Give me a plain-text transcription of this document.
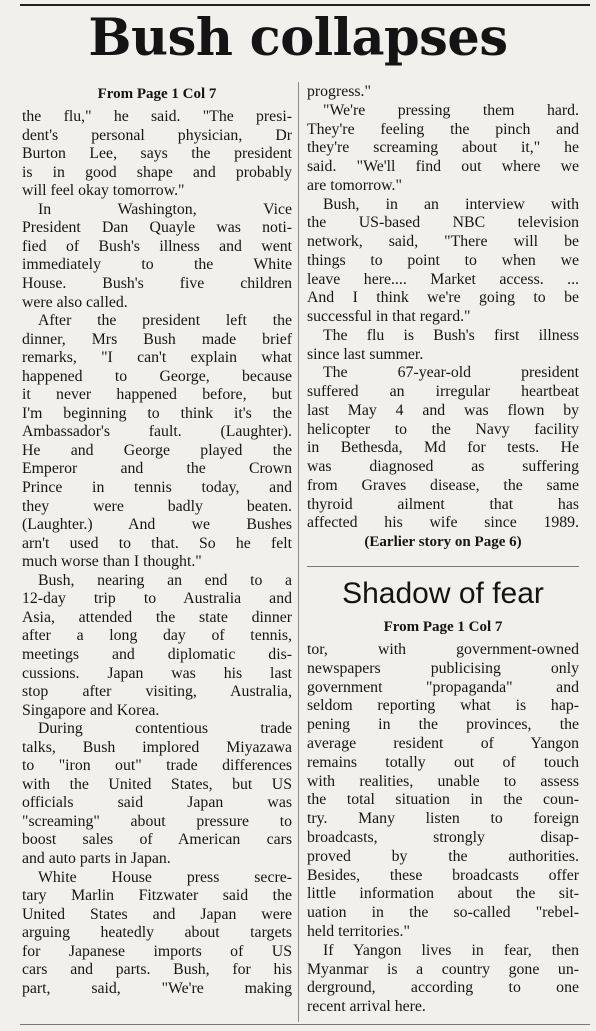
Bush collapses
From Page 1 Col 7
the flu," he said. "The presi-
dent's personal physician, Dr
Burton Lee, says the president
is in good shape and probably
will feel okay tomorrow."
In Washington, Vice
President Dan Quayle was noti-
fied of Bush's illness and went
immediately to the White
House. Bush's five children
were also called.
After the president left the
dinner, Mrs Bush made brief
remarks, "I can't explain what
happened to George, because
it never happened before, but
I'm beginning to think it's the
Ambassador's fault. (Laughter).
He and George played the
Emperor and the Crown
Prince in tennis today, and
they were badly beaten.
(Laughter.) And we Bushes
arn't used to that. So he felt
much worse than I thought."
Bush, nearing an end to a
12-day trip to Australia and
Asia, attended the state dinner
after a long day of tennis,
meetings and diplomatic dis-
cussions. Japan was his last
stop after visiting, Australia,
Singapore and Korea.
During contentious trade
talks, Bush implored Miyazawa
to "iron out" trade differences
with the United States, but US
officials said Japan was
"screaming" about pressure to
boost sales of American cars
and auto parts in Japan.
White House press secre-
tary Marlin Fitzwater said the
United States and Japan were
arguing heatedly about targets
for Japanese imports of US
cars and parts. Bush, for his
part, said, "We're making
progress."
"We're pressing them hard.
They're feeling the pinch and
they're screaming about it," he
said. "We'll find out where we
are tomorrow."
Bush, in an interview with
the US-based NBC television
network, said, "There will be
things to point to when we
leave here.... Market access. ...
And I think we're going to be
successful in that regard."
The flu is Bush's first illness
since last summer.
The 67-year-old president
suffered an irregular heartbeat
last May 4 and was flown by
helicopter to the Navy facility
in Bethesda, Md for tests. He
was diagnosed as suffering
from Graves disease, the same
thyroid ailment that has
affected his wife since 1989.
(Earlier story on Page 6)
Shadow of fear
From Page 1 Col 7
tor, with government-owned
newspapers publicising only
government "propaganda" and
seldom reporting what is hap-
pening in the provinces, the
average resident of Yangon
remains totally out of touch
with realities, unable to assess
the total situation in the coun-
try. Many listen to foreign
broadcasts, strongly disap-
proved by the authorities.
Besides, these broadcasts offer
little information about the sit-
uation in the so-called "rebel-
held territories."
If Yangon lives in fear, then
Myanmar is a country gone un-
derground, according to one
recent arrival here.
